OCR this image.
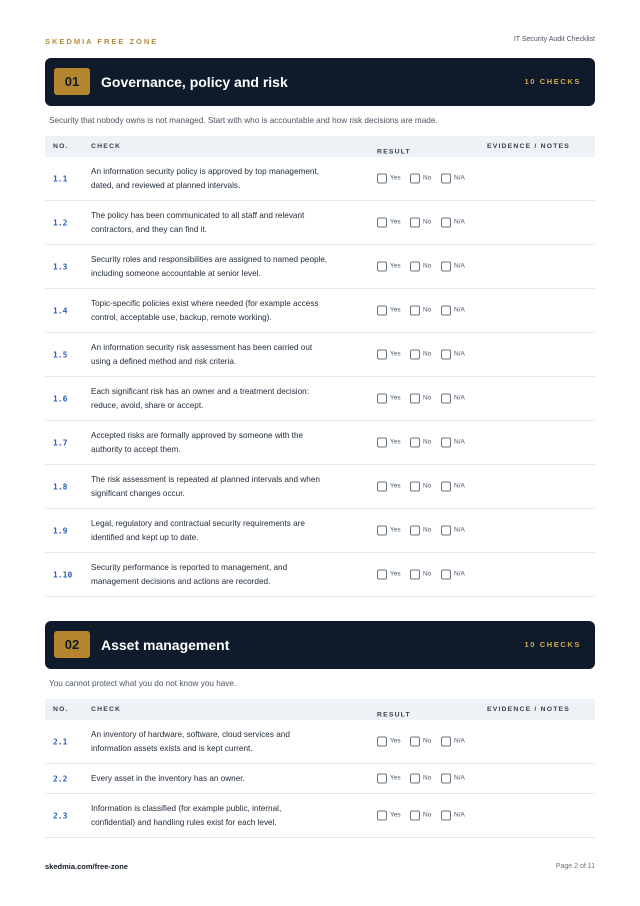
SKEDMIA FREE ZONE	IT Security Audit Checklist
01	Governance, policy and risk	10 CHECKS
Security that nobody owns is not managed. Start with who is accountable and how risk decisions are made.
NO.	CHECK
RESULT
EVIDENCE / NOTES
1.1
An information security policy is approved by top management,
dated, and reviewed at planned intervals.
Yes	No	N/A
1.2
The policy has been communicated to all staff and relevant
contractors, and they can find it.
Yes	No	N/A
1.3
Security roles and responsibilities are assigned to named people,
including someone accountable at senior level.
Yes	No	N/A
1.4
Topic-specific policies exist where needed (for example access
control, acceptable use, backup, remote working).
Yes	No	N/A
1.5
An information security risk assessment has been carried out
using a defined method and risk criteria.
Yes	No	N/A
1.6
Each significant risk has an owner and a treatment decision:
reduce, avoid, share or accept.
Yes	No	N/A
1.7
Accepted risks are formally approved by someone with the
authority to accept them.
Yes	No	N/A
1.8
The risk assessment is repeated at planned intervals and when
significant changes occur.
Yes	No	N/A
1.9
Legal, regulatory and contractual security requirements are
identified and kept up to date.
Yes	No	N/A
1.10
Security performance is reported to management, and
management decisions and actions are recorded.
Yes	No	N/A
02	Asset management	10 CHECKS
You cannot protect what you do not know you have.
NO.	CHECK
RESULT
EVIDENCE / NOTES
2.1
An inventory of hardware, software, cloud services and
information assets exists and is kept current.
Yes	No	N/A
2.2	Every asset in the inventory has an owner.	Yes	No	N/A
2.3
Information is classified (for example public, internal,
confidential) and handling rules exist for each level.
Yes	No	N/A
skedmia.com/free-zone	Page 2 of 11
